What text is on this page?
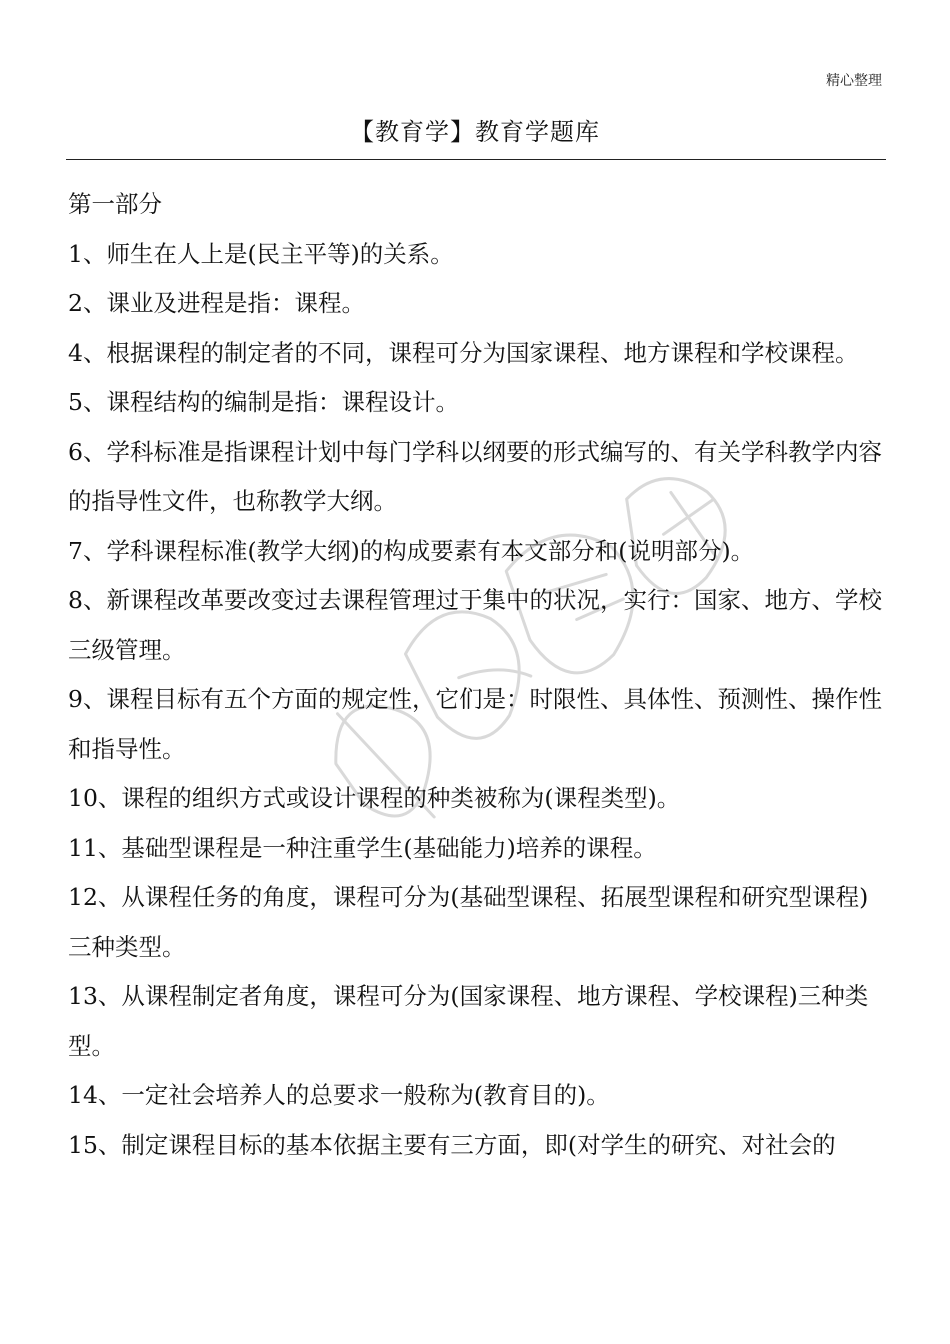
精心整理
【教育学】教育学题库

第一部分

1、师生在人上是(民主平等)的关系。

2、课业及进程是指：课程。

4、根据课程的制定者的不同，课程可分为国家课程、地方课程和学校课程。

5、课程结构的编制是指：课程设计。

6、学科标准是指课程计划中每门学科以纲要的形式编写的、有关学科教学内容的指导性文件，也称教学大纲。

7、学科课程标准(教学大纲)的构成要素有本文部分和(说明部分)。

8、新课程改革要改变过去课程管理过于集中的状况，实行：国家、地方、学校三级管理。

9、课程目标有五个方面的规定性，它们是：时限性、具体性、预测性、操作性和指导性。

10、课程的组织方式或设计课程的种类被称为(课程类型)。

11、基础型课程是一种注重学生(基础能力)培养的课程。

12、从课程任务的角度，课程可分为(基础型课程、拓展型课程和研究型课程)三种类型。

13、从课程制定者角度，课程可分为(国家课程、地方课程、学校课程)三种类型。

14、一定社会培养人的总要求一般称为(教育目的)。

15、制定课程目标的基本依据主要有三方面，即(对学生的研究、对社会的
